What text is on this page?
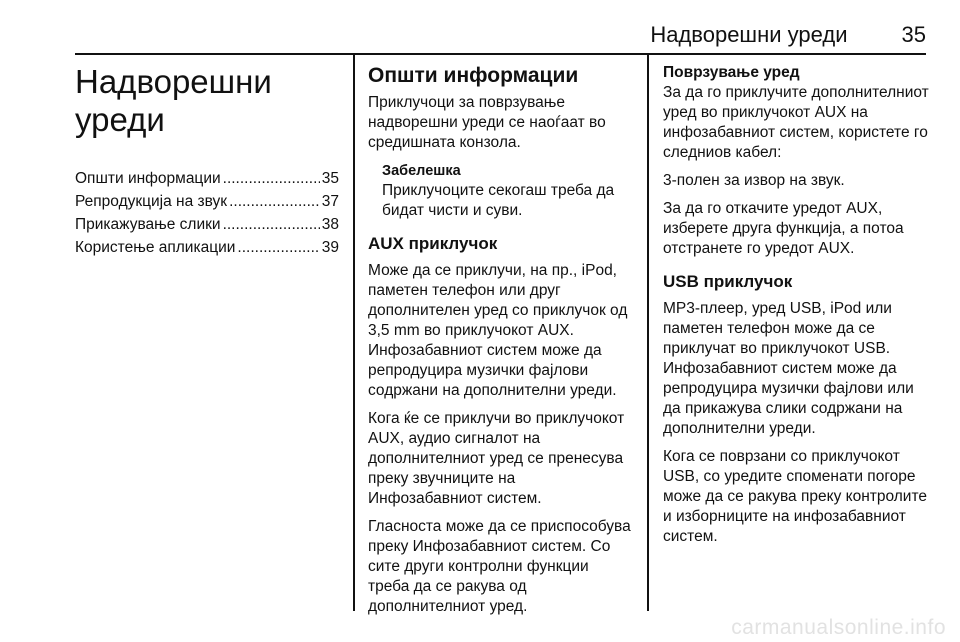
Надворешни уреди 35
Надворешни
уреди
Општи информации .....	35
Репродукција на звук .....	37
Прикажување слики .....	38
Користење апликации .....	39
Општи информации

Приклучоци за поврзување надворешни уреди се наоѓаат во средишната конзола.

Забелешка
Приклучоците секогаш треба да бидат чисти и суви.
AUX приклучок

Може да се приклучи, на пр., iPod, паметен телефон или друг дополнителен уред со приклучок од 3,5 mm во приклучокот AUX. Инфозабавниот систем може да репродуцира музички фајлови содржани на дополнителни уреди.

Кога ќе се приклучи во приклучокот AUX, аудио сигналот на дополнителниот уред се пренесува преку звучниците на Инфозабавниот систем.

Гласноста може да се приспособува преку Инфозабавниот систем. Со сите други контролни функции треба да се ракува од дополнителниот уред.

Поврзување уред

За да го приклучите дополнителниот уред во приклучокот AUX на инфозабавниот систем, користете го следниов кабел:

3-полен за извор на звук.

За да го откачите уредот AUX, изберете друга функција, а потоа отстранете го уредот AUX.

USB приклучок

MP3-плеер, уред USB, iPod или паметен телефон може да се приклучат во приклучокот USB. Инфозабавниот систем може да репродуцира музички фајлови или да прикажува слики содржани на дополнителни уреди.

Кога се поврзани со приклучокот USB, со уредите споменати погоре може да се ракува преку контролите и изборниците на инфозабавниот систем.

carmanualsonline.info
